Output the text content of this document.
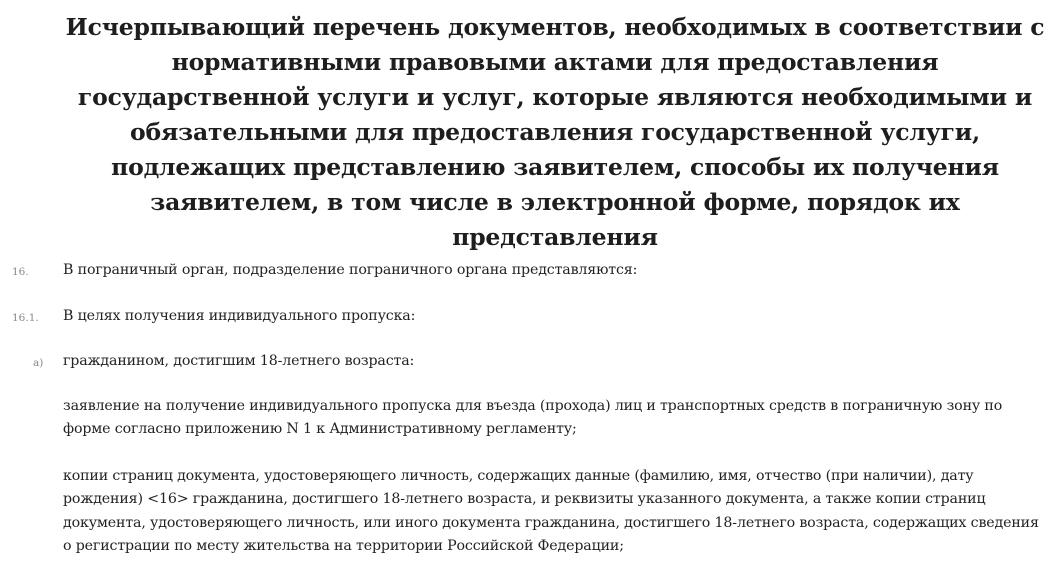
Исчерпывающий перечень документов, необходимых в соответствии с нормативными правовыми актами для предоставления государственной услуги и услуг, которые являются необходимыми и обязательными для предоставления государственной услуги, подлежащих представлению заявителем, способы их получения заявителем, в том числе в электронной форме, порядок их представления
16. В пограничный орган, подразделение пограничного органа представляются:

16.1. В целях получения индивидуального пропуска:

а) гражданином, достигшим 18-летнего возраста:

заявление на получение индивидуального пропуска для въезда (прохода) лиц и транспортных средств в пограничную зону по форме согласно приложению N 1 к Административному регламенту;

копии страниц документа, удостоверяющего личность, содержащих данные (фамилию, имя, отчество (при наличии), дату рождения) <16> гражданина, достигшего 18-летнего возраста, и реквизиты указанного документа, а также копии страниц документа, удостоверяющего личность, или иного документа гражданина, достигшего 18-летнего возраста, содержащих сведения о регистрации по месту жительства на территории Российской Федерации;
